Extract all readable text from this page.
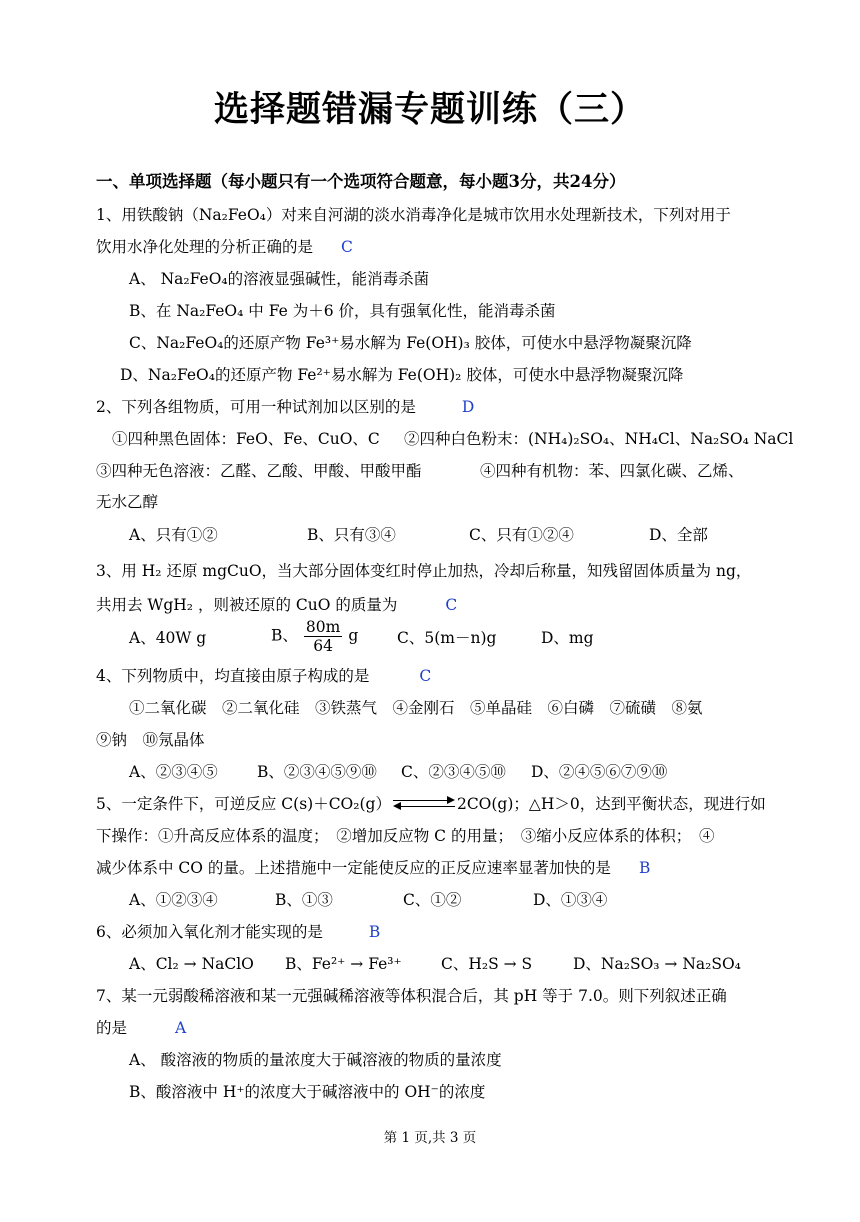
选择题错漏专题训练（三）
一、单项选择题（每小题只有一个选项符合题意，每小题3分，共24分）
1、用铁酸钠（Na₂FeO₄）对来自河湖的淡水消毒净化是城市饮用水处理新技术，下列对用于
饮用水净化处理的分析正确的是 C
A、 Na₂FeO₄的溶液显强碱性，能消毒杀菌
B、在 Na₂FeO₄ 中 Fe 为＋6 价，具有强氧化性，能消毒杀菌
C、Na₂FeO₄的还原产物 Fe³⁺易水解为 Fe(OH)₃ 胶体，可使水中悬浮物凝聚沉降
D、Na₂FeO₄的还原产物 Fe²⁺易水解为 Fe(OH)₂ 胶体，可使水中悬浮物凝聚沉降
2、下列各组物质，可用一种试剂加以区别的是	D
①四种黑色固体：FeO、Fe、CuO、C ②四种白色粉末：(NH₄)₂SO₄、NH₄Cl、Na₂SO₄ NaCl
③四种无色溶液：乙醛、乙酸、甲酸、甲酸甲酯	④四种有机物：苯、四氯化碳、乙烯、
无水乙醇
A、只有①②	B、只有③④	C、只有①②④	D、全部
3、用 H₂ 还原 mgCuO，当大部分固体变红时停止加热，冷却后称量，知残留固体质量为 ng，
共用去 WgH₂ ，则被还原的 CuO 的质量为	C
A、40W g	B、 $\frac{80m}{64}$ g	C、5(m－n)g	D、mg
4、下列物质中，均直接由原子构成的是	C
①二氧化碳　②二氧化硅　③铁蒸气　④金刚石　⑤单晶硅　⑥白磷　⑦硫磺　⑧氨
⑨钠　⑩氖晶体
A、②③④⑤	B、②③④⑤⑨⑩ C、②③④⑤⑩ D、②④⑤⑥⑦⑨⑩
5、一定条件下，可逆反应 C(s)＋CO₂(g） ⇌ 2CO(g)；△H＞0，达到平衡状态，现进行如
下操作：①升高反应体系的温度；　②增加反应物 C 的用量；　③缩小反应体系的体积；　④
减少体系中 CO 的量。上述措施中一定能使反应的正反应速率显著加快的是 B
A、①②③④	B、①③	C、①②	D、①③④
6、必须加入氧化剂才能实现的是	B
A、Cl₂ → NaClO B、Fe²⁺ → Fe³⁺	C、H₂S → S	D、Na₂SO₃ → Na₂SO₄
7、某一元弱酸稀溶液和某一元强碱稀溶液等体积混合后，其 pH 等于 7.0。则下列叙述正确
的是	A
A、 酸溶液的物质的量浓度大于碱溶液的物质的量浓度
B、酸溶液中 H⁺的浓度大于碱溶液中的 OH⁻的浓度
第 1 页,共 3 页
